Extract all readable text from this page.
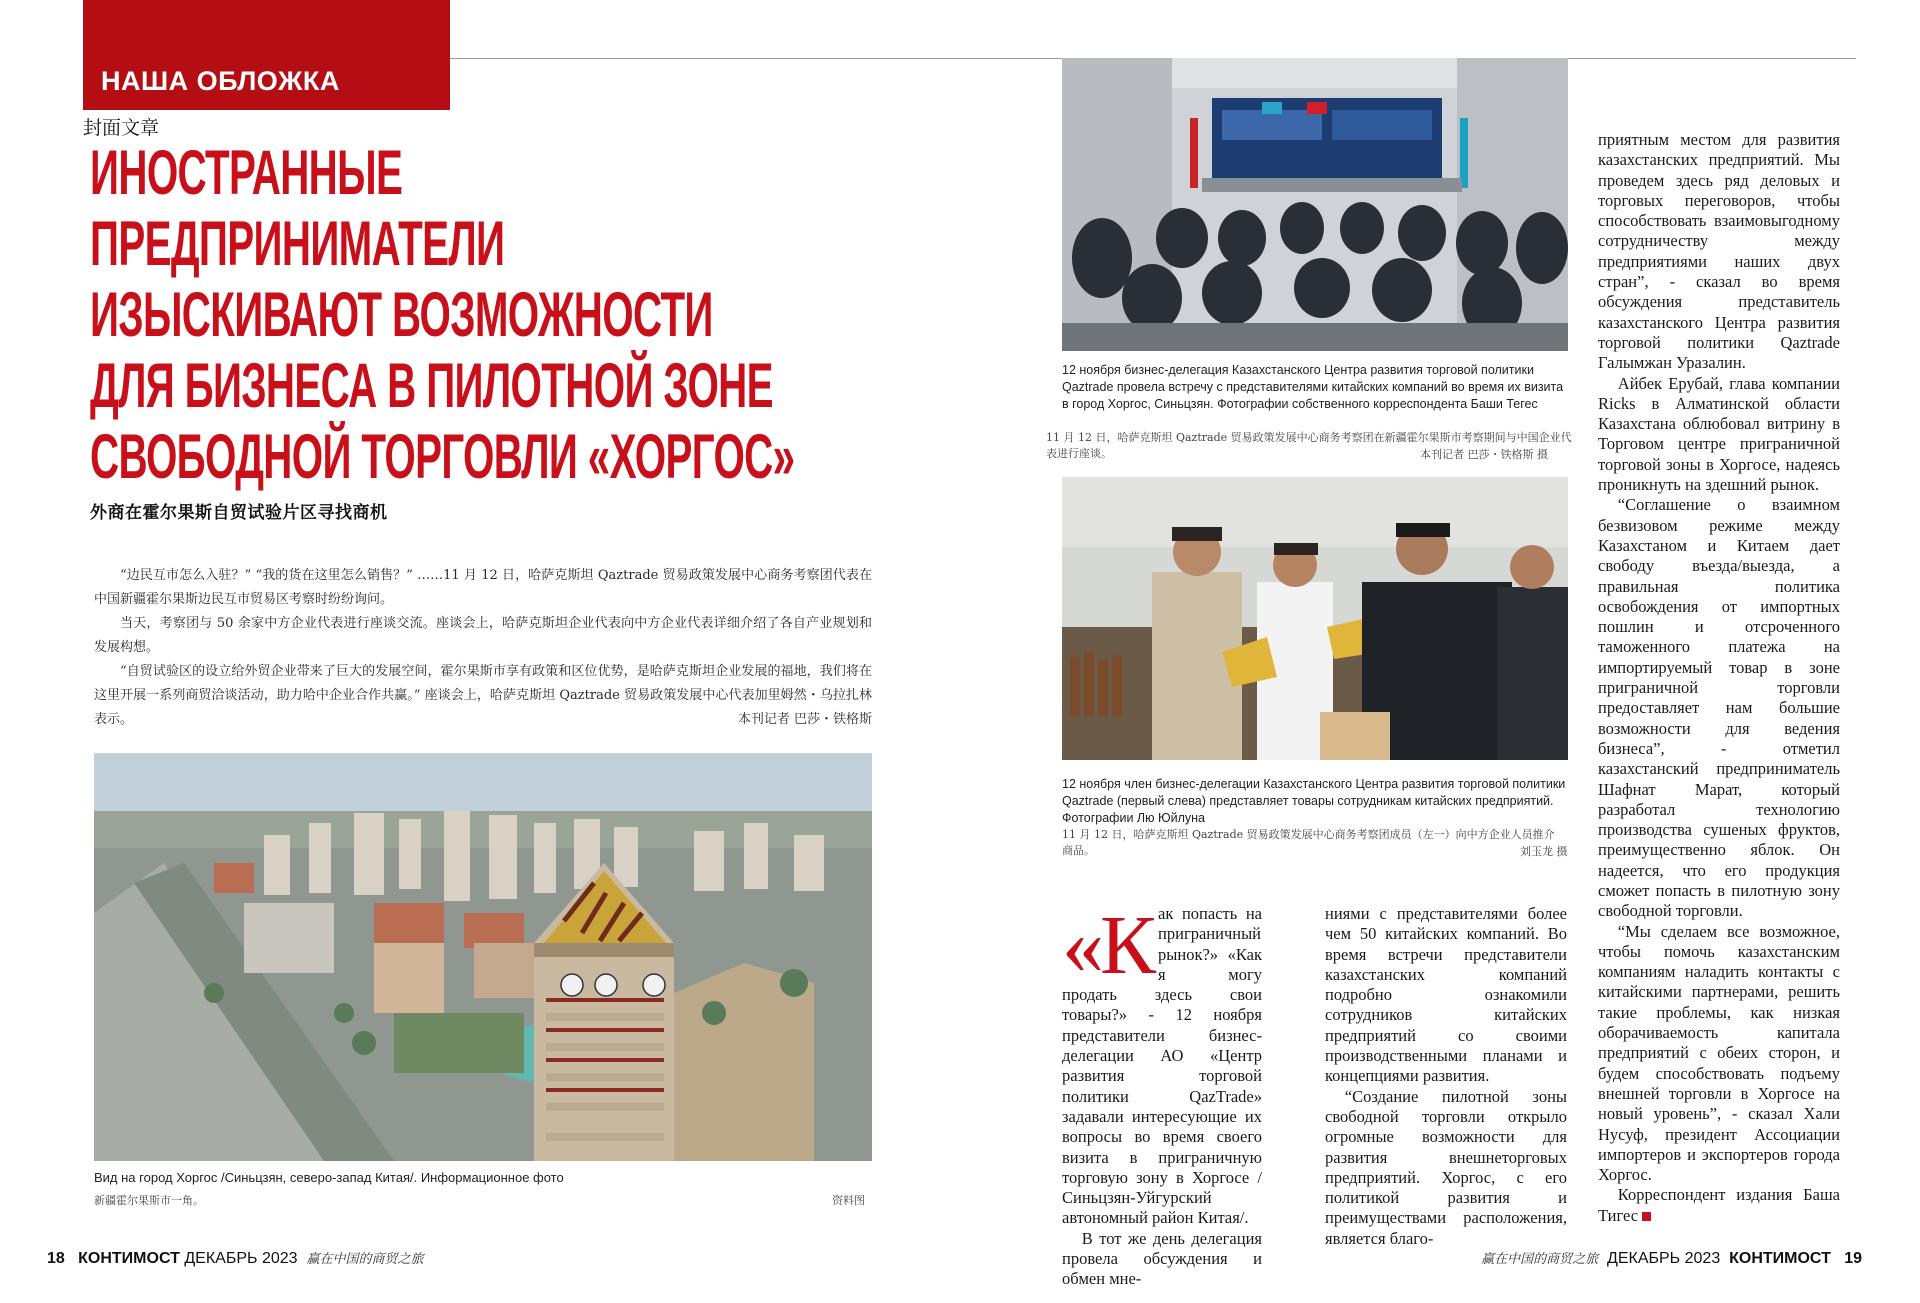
НАША ОБЛОЖКА
封面文章
ИНОСТРАННЫЕ
ПРЕДПРИНИМАТЕЛИ
ИЗЫСКИВАЮТ ВОЗМОЖНОСТИ
ДЛЯ БИЗНЕСА В ПИЛОТНОЙ ЗОНЕ
СВОБОДНОЙ ТОРГОВЛИ «ХОРГОС»
外商在霍尔果斯自贸试验片区寻找商机

“边民互市怎么入驻？” “我的货在这里怎么销售？” ……11 月 12 日，哈萨克斯坦 Qaztrade 贸易政策发展中心商务考察团代表在中国新疆霍尔果斯边民互市贸易区考察时纷纷询问。

当天，考察团与 50 余家中方企业代表进行座谈交流。座谈会上，哈萨克斯坦企业代表向中方企业代表详细介绍了各自产业规划和发展构想。

“自贸试验区的设立给外贸企业带来了巨大的发展空间，霍尔果斯市享有政策和区位优势，是哈萨克斯坦企业发展的福地，我们将在这里开展一系列商贸洽谈活动，助力哈中企业合作共赢。” 座谈会上，哈萨克斯坦 Qaztrade 贸易政策发展中心代表加里姆然・乌拉扎林表示。	本刊记者 巴莎・铁格斯

Вид на город Хоргос /Синьцзян, северо-запад Китая/. Информационное фото
新疆霍尔果斯市一角。	资料图
12 ноября бизнес-делегация Казахстанского Центра развития торговой политики Qaztrade провела встречу с представителями китайских компаний во время их визита в город Хоргос, Синьцзян. Фотографии собственного корреспондента Баши Тегес
11 月 12 日，哈萨克斯坦 Qaztrade 贸易政策发展中心商务考察团在新疆霍尔果斯市考察期间与中国企业代表进行座谈。	本刊记者 巴莎・铁格斯 摄
12 ноября член бизнес-делегации Казахстанского Центра развития торговой политики Qaztrade (первый слева) представляет товары сотрудникам китайских предприятий. Фотографии Лю Юйлуна
11 月 12 日，哈萨克斯坦 Qaztrade 贸易政策发展中心商务考察团成员（左一）向中方企业人员推介商品。	刘玉龙 摄

«Как попасть на приграничный рынок?» «Как я могу продать здесь свои товары?» - 12 ноября представители бизнес-делегации АО «Центр развития торговой политики QazTrade» задавали интересующие их вопросы во время своего визита в приграничную торговую зону в Хоргосе /Синьцзян-Уйгурский автономный район Китая/.

В тот же день делегация провела обсуждения и обмен мне-

ниями с представителями более чем 50 китайских компаний. Во время встречи представители казахстанских компаний подробно ознакомили сотрудников китайских предприятий со своими производственными планами и концепциями развития.

“Создание пилотной зоны свободной торговли открыло огромные возможности для развития внешнеторговых предприятий. Хоргос, с его политикой развития и преимуществами расположения, является благо-

приятным местом для развития казахстанских предприятий. Мы проведем здесь ряд деловых и торговых переговоров, чтобы способствовать взаимовыгодному сотрудничеству между предприятиями наших двух стран”, - сказал во время обсуждения представитель казахстанского Центра развития торговой политики Qaztrade Галымжан Уразалин.

Айбек Ерубай, глава компании Ricks в Алматинской области Казахстана облюбовал витрину в Торговом центре приграничной торговой зоны в Хоргосе, надеясь проникнуть на здешний рынок.

“Соглашение о взаимном безвизовом режиме между Казахстаном и Китаем дает свободу въезда/выезда, а правильная политика освобождения от импортных пошлин и отсроченного таможенного платежа на импортируемый товар в зоне приграничной торговли предоставляет нам большие возможности для ведения бизнеса”, - отметил казахстанский предприниматель Шафнат Марат, который разработал технологию производства сушеных фруктов, преимущественно яблок. Он надеется, что его продукция сможет попасть в пилотную зону свободной торговли.

“Мы сделаем все возможное, чтобы помочь казахстанским компаниям наладить контакты с китайскими партнерами, решить такие проблемы, как низкая оборачиваемость капитала предприятий с обеих сторон, и будем способствовать подъему внешней торговли в Хоргосе на новый уровень”, - сказал Хали Нусуф, президент Ассоциации импортеров и экспортеров города Хоргос.

Корреспондент издания Баша Тигес

18 КОНТИМОСТ ДЕКАБРЬ 2023 赢在中国的商贸之旅	赢在中国的商贸之旅 ДЕКАБРЬ 2023 КОНТИМОСТ 19
